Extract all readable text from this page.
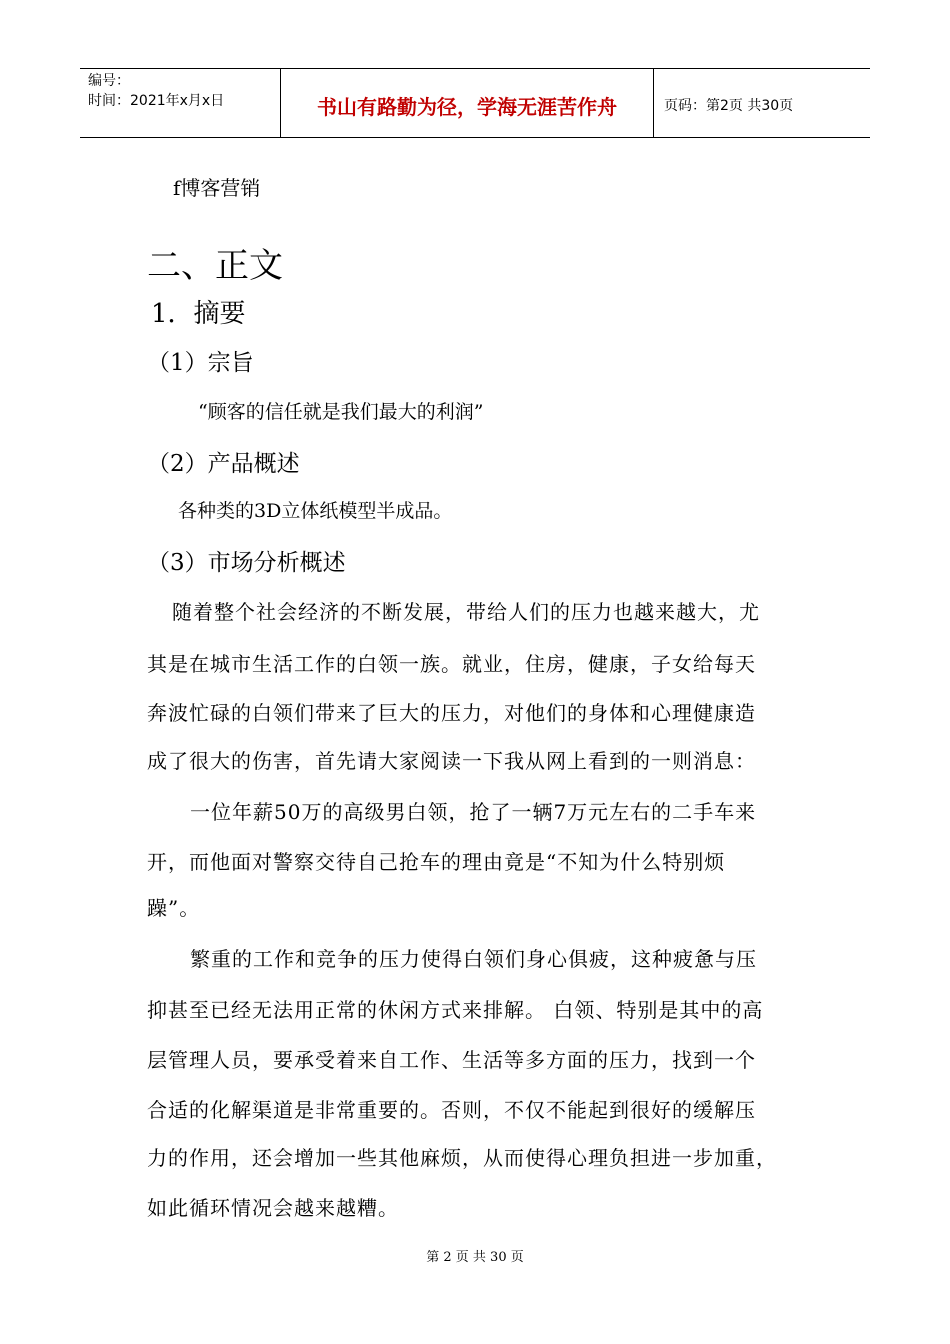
编号：
时间：2021年x月x日	书山有路勤为径，学海无涯苦作舟	页码：第2页 共30页
f博客营销
二、正文
1．摘要
（1）宗旨
“顾客的信任就是我们最大的利润”
（2）产品概述
各种类的3D立体纸模型半成品。
（3）市场分析概述
随着整个社会经济的不断发展，带给人们的压力也越来越大，尤
其是在城市生活工作的白领一族。就业，住房，健康，子女给每天
奔波忙碌的白领们带来了巨大的压力，对他们的身体和心理健康造
成了很大的伤害，首先请大家阅读一下我从网上看到的一则消息：
一位年薪50万的高级男白领，抢了一辆7万元左右的二手车来
开，而他面对警察交待自己抢车的理由竟是“不知为什么特别烦
躁”。
繁重的工作和竞争的压力使得白领们身心俱疲，这种疲惫与压
抑甚至已经无法用正常的休闲方式来排解。 白领、特别是其中的高
层管理人员，要承受着来自工作、生活等多方面的压力，找到一个
合适的化解渠道是非常重要的。否则，不仅不能起到很好的缓解压
力的作用，还会增加一些其他麻烦，从而使得心理负担进一步加重，
如此循环情况会越来越糟。
第 2 页 共 30 页
